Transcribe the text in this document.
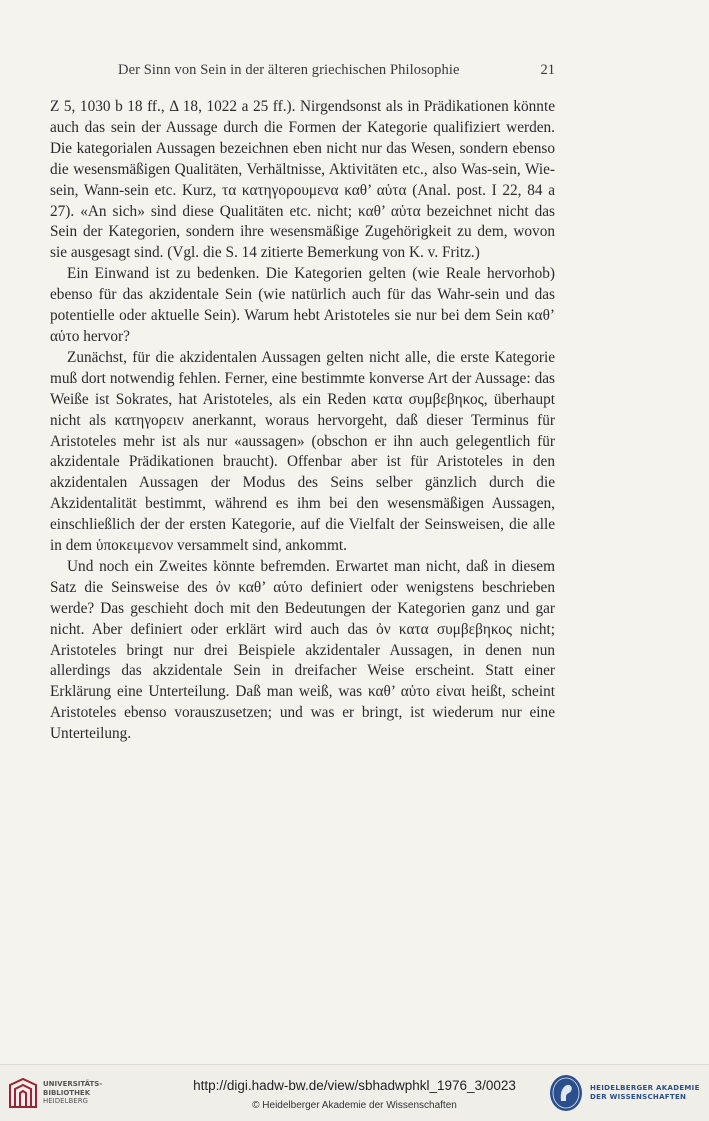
Der Sinn von Sein in der älteren griechischen Philosophie	21

Z 5, 1030 b 18 ff., Δ 18, 1022 a 25 ff.). Nirgendsonst als in Prädikationen könnte auch das sein der Aussage durch die Formen der Kategorie qualifiziert werden. Die kategorialen Aussagen bezeichnen eben nicht nur das Wesen, sondern ebenso die wesensmäßigen Qualitäten, Verhältnisse, Aktivitäten etc., also Was-sein, Wie-sein, Wann-sein etc. Kurz, τα κατηγορουμενα καθ’ αὑτα (Anal. post. I 22, 84 a 27). «An sich» sind diese Qualitäten etc. nicht; καθ’ αὑτα bezeichnet nicht das Sein der Kategorien, sondern ihre wesensmäßige Zugehörigkeit zu dem, wovon sie ausgesagt sind. (Vgl. die S. 14 zitierte Bemerkung von K. v. Fritz.)

Ein Einwand ist zu bedenken. Die Kategorien gelten (wie Reale hervorhob) ebenso für das akzidentale Sein (wie natürlich auch für das Wahr-sein und das potentielle oder aktuelle Sein). Warum hebt Aristoteles sie nur bei dem Sein καθ’ αὑτο hervor?

Zunächst, für die akzidentalen Aussagen gelten nicht alle, die erste Kategorie muß dort notwendig fehlen. Ferner, eine bestimmte konverse Art der Aussage: das Weiße ist Sokrates, hat Aristoteles, als ein Reden κατα συμβεβηκος, überhaupt nicht als κατηγορειν anerkannt, woraus hervorgeht, daß dieser Terminus für Aristoteles mehr ist als nur «aussagen» (obschon er ihn auch gelegentlich für akzidentale Prädikationen braucht). Offenbar aber ist für Aristoteles in den akzidentalen Aussagen der Modus des Seins selber gänzlich durch die Akzidentalität bestimmt, während es ihm bei den wesensmäßigen Aussagen, einschließlich der der ersten Kategorie, auf die Vielfalt der Seinsweisen, die alle in dem ὑποκειμενον versammelt sind, ankommt.

Und noch ein Zweites könnte befremden. Erwartet man nicht, daß in diesem Satz die Seinsweise des ὀν καθ’ αὑτο definiert oder wenigstens beschrieben werde? Das geschieht doch mit den Bedeutungen der Kategorien ganz und gar nicht. Aber definiert oder erklärt wird auch das ὀν κατα συμβεβηκος nicht; Aristoteles bringt nur drei Beispiele akzidentaler Aussagen, in denen nun allerdings das akzidentale Sein in dreifacher Weise erscheint. Statt einer Erklärung eine Unterteilung. Daß man weiß, was καθ’ αὑτο εἰναι heißt, scheint Aristoteles ebenso vorauszusetzen; und was er bringt, ist wiederum nur eine Unterteilung.

UNIVERSITÄTS-
BIBLIOTHEK
HEIDELBERG
http://digi.hadw-bw.de/view/sbhadwphkl_1976_3/0023
© Heidelberger Akademie der Wissenschaften
HEIDELBERGER AKADEMIE
DER WISSENSCHAFTEN
